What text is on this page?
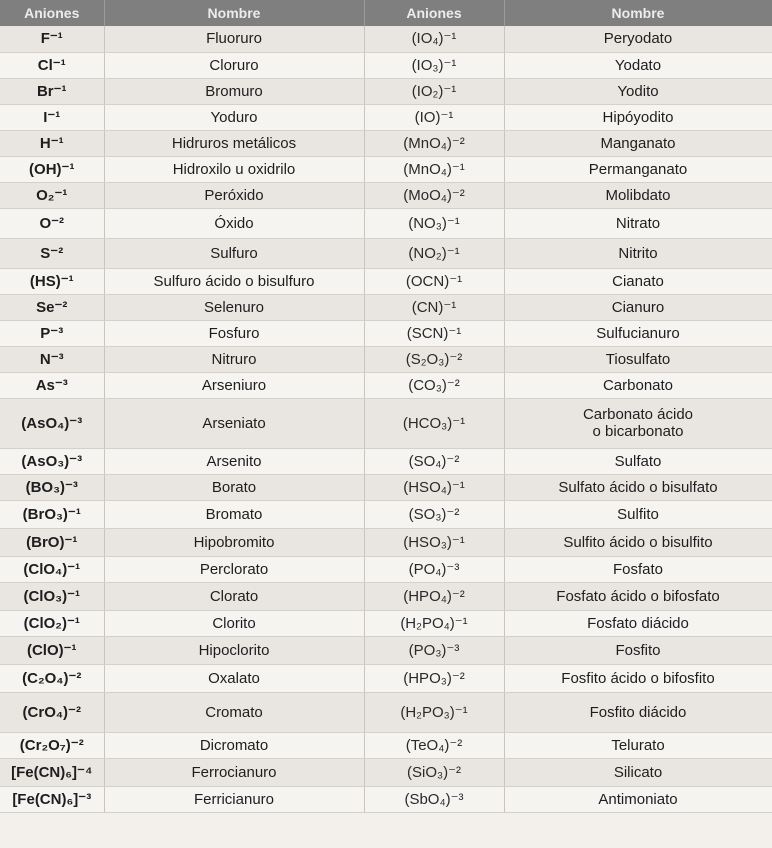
Aniones	Nombre	Aniones	Nombre
F⁻¹	Fluoruro	(IO₄)⁻¹	Peryodato
Cl⁻¹	Cloruro	(IO₃)⁻¹	Yodato
Br⁻¹	Bromuro	(IO₂)⁻¹	Yodito
I⁻¹	Yoduro	(IO)⁻¹	Hipóyodito
H⁻¹	Hidruros metálicos	(MnO₄)⁻²	Manganato
(OH)⁻¹	Hidroxilo u oxidrilo	(MnO₄)⁻¹	Permanganato
O₂⁻¹	Peróxido	(MoO₄)⁻²	Molibdato
O⁻²	Óxido	(NO₃)⁻¹	Nitrato
S⁻²	Sulfuro	(NO₂)⁻¹	Nitrito
(HS)⁻¹	Sulfuro ácido o bisulfuro	(OCN)⁻¹	Cianato
Se⁻²	Selenuro	(CN)⁻¹	Cianuro
P⁻³	Fosfuro	(SCN)⁻¹	Sulfucianuro
N⁻³	Nitruro	(S₂O₃)⁻²	Tiosulfato
As⁻³	Arseniuro	(CO₃)⁻²	Carbonato
(AsO₄)⁻³	Arseniato	(HCO₃)⁻¹	Carbonato ácido
o bicarbonato
(AsO₃)⁻³	Arsenito	(SO₄)⁻²	Sulfato
(BO₃)⁻³	Borato	(HSO₄)⁻¹	Sulfato ácido o bisulfato
(BrO₃)⁻¹	Bromato	(SO₃)⁻²	Sulfito
(BrO)⁻¹	Hipobromito	(HSO₃)⁻¹	Sulfito ácido o bisulfito
(ClO₄)⁻¹	Perclorato	(PO₄)⁻³	Fosfato
(ClO₃)⁻¹	Clorato	(HPO₄)⁻²	Fosfato ácido o bifosfato
(ClO₂)⁻¹	Clorito	(H₂PO₄)⁻¹	Fosfato diácido
(ClO)⁻¹	Hipoclorito	(PO₃)⁻³	Fosfito
(C₂O₄)⁻²	Oxalato	(HPO₃)⁻²	Fosfito ácido o bifosfito
(CrO₄)⁻²	Cromato	(H₂PO₃)⁻¹	Fosfito diácido
(Cr₂O₇)⁻²	Dicromato	(TeO₄)⁻²	Telurato
[Fe(CN)₆]⁻⁴	Ferrocianuro	(SiO₃)⁻²	Silicato
[Fe(CN)₆]⁻³	Ferricianuro	(SbO₄)⁻³	Antimoniato
